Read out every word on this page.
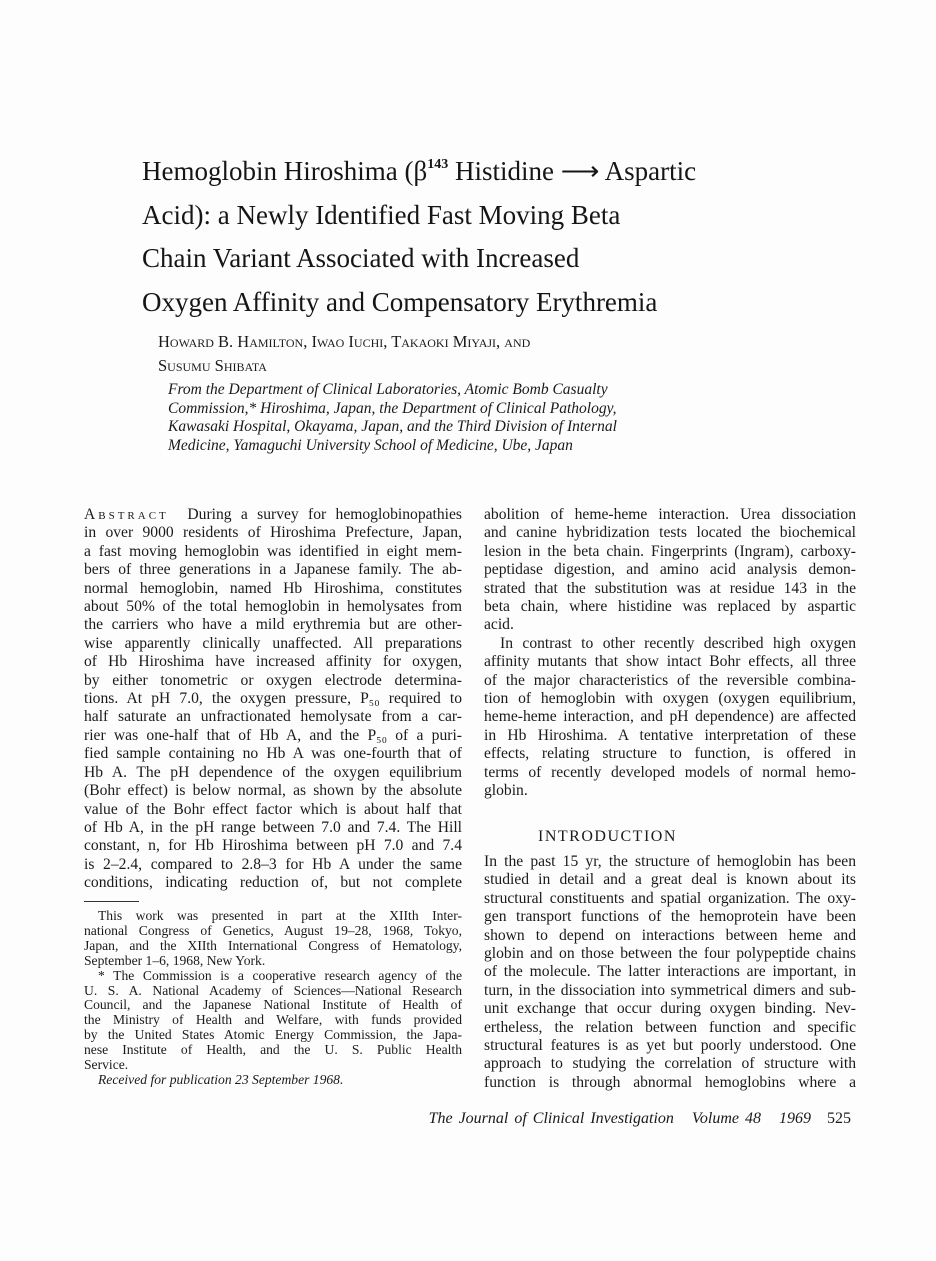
Hemoglobin Hiroshima ($\beta^{143}$ Histidine ⟶ Aspartic
Acid): a Newly Identified Fast Moving Beta
Chain Variant Associated with Increased
Oxygen Affinity and Compensatory Erythremia
Howard B. Hamilton, Iwao Iuchi, Takaoki Miyaji, and
Susumu Shibata
From the Department of Clinical Laboratories, Atomic Bomb Casualty
Commission,* Hiroshima, Japan, the Department of Clinical Pathology,
Kawasaki Hospital, Okayama, Japan, and the Third Division of Internal
Medicine, Yamaguchi University School of Medicine, Ube, Japan
Abstract During a survey for hemoglobinopathies
in over 9000 residents of Hiroshima Prefecture, Japan,
a fast moving hemoglobin was identified in eight mem-
bers of three generations in a Japanese family. The ab-
normal hemoglobin, named Hb Hiroshima, constitutes
about 50% of the total hemoglobin in hemolysates from
the carriers who have a mild erythremia but are other-
wise apparently clinically unaffected. All preparations
of Hb Hiroshima have increased affinity for oxygen,
by either tonometric or oxygen electrode determina-
tions. At pH 7.0, the oxygen pressure, P₅₀ required to
half saturate an unfractionated hemolysate from a car-
rier was one-half that of Hb A, and the P₅₀ of a puri-
fied sample containing no Hb A was one-fourth that of
Hb A. The pH dependence of the oxygen equilibrium
(Bohr effect) is below normal, as shown by the absolute
value of the Bohr effect factor which is about half that
of Hb A, in the pH range between 7.0 and 7.4. The Hill
constant, n, for Hb Hiroshima between pH 7.0 and 7.4
is 2–2.4, compared to 2.8–3 for Hb A under the same
conditions, indicating reduction of, but not complete
abolition of heme-heme interaction. Urea dissociation
and canine hybridization tests located the biochemical
lesion in the beta chain. Fingerprints (Ingram), carboxy-
peptidase digestion, and amino acid analysis demon-
strated that the substitution was at residue 143 in the
beta chain, where histidine was replaced by aspartic
acid.
In contrast to other recently described high oxygen
affinity mutants that show intact Bohr effects, all three
of the major characteristics of the reversible combina-
tion of hemoglobin with oxygen (oxygen equilibrium,
heme-heme interaction, and pH dependence) are affected
in Hb Hiroshima. A tentative interpretation of these
effects, relating structure to function, is offered in
terms of recently developed models of normal hemo-
globin.
INTRODUCTION
In the past 15 yr, the structure of hemoglobin has been
studied in detail and a great deal is known about its
structural constituents and spatial organization. The oxy-
gen transport functions of the hemoprotein have been
shown to depend on interactions between heme and
globin and on those between the four polypeptide chains
of the molecule. The latter interactions are important, in
turn, in the dissociation into symmetrical dimers and sub-
unit exchange that occur during oxygen binding. Nev-
ertheless, the relation between function and specific
structural features is as yet but poorly understood. One
approach to studying the correlation of structure with
function is through abnormal hemoglobins where a
This work was presented in part at the XIIth Inter-
national Congress of Genetics, August 19–28, 1968, Tokyo,
Japan, and the XIIth International Congress of Hematology,
September 1–6, 1968, New York.
* The Commission is a cooperative research agency of the
U. S. A. National Academy of Sciences—National Research
Council, and the Japanese National Institute of Health of
the Ministry of Health and Welfare, with funds provided
by the United States Atomic Energy Commission, the Japa-
nese Institute of Health, and the U. S. Public Health
Service.
Received for publication 23 September 1968.
The Journal of Clinical Investigation   Volume 48   1969 525
